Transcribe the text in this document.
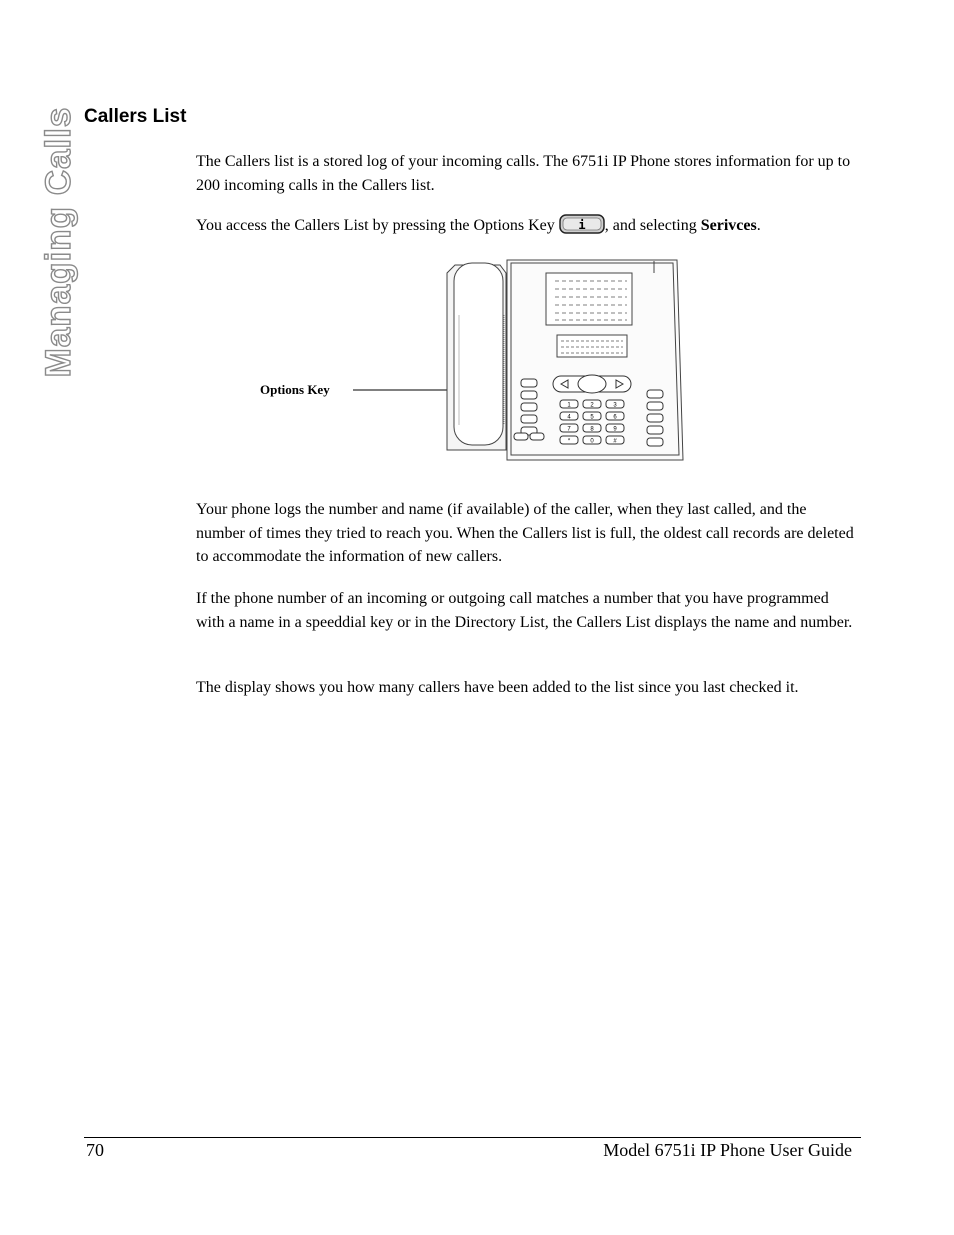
Managing Calls Callers List

The Callers list is a stored log of your incoming calls. The 6751i IP Phone stores information for up to 200 incoming calls in the Callers list.

You access the Callers List by pressing the Options Key i , and selecting Serivces.

Options Key
1	2	3
4	5	6
7	8	9
*	0	#

Your phone logs the number and name (if available) of the caller, when they last called, and the number of times they tried to reach you. When the Callers list is full, the oldest call records are deleted to accommodate the information of new callers.

If the phone number of an incoming or outgoing call matches a number that you have programmed with a name in a speeddial key or in the Directory List, the Callers List displays the name and number.

The display shows you how many callers have been added to the list since you last checked it.

70	Model 6751i IP Phone User Guide
